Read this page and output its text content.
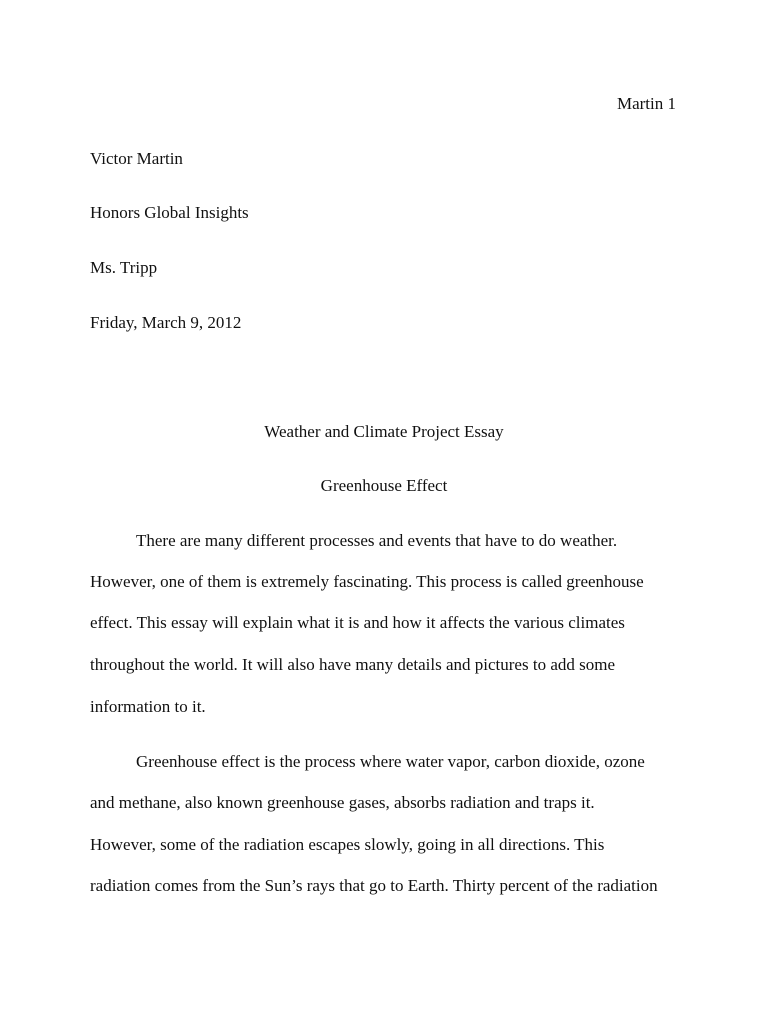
Martin 1
Victor Martin
Honors Global Insights
Ms. Tripp
Friday, March 9, 2012
Weather and Climate Project Essay
Greenhouse Effect
There are many different processes and events that have to do weather.
However, one of them is extremely fascinating. This process is called greenhouse
effect. This essay will explain what it is and how it affects the various climates
throughout the world. It will also have many details and pictures to add some
information to it.
Greenhouse effect is the process where water vapor, carbon dioxide, ozone
and methane, also known greenhouse gases, absorbs radiation and traps it.
However, some of the radiation escapes slowly, going in all directions. This
radiation comes from the Sun’s rays that go to Earth. Thirty percent of the radiation
